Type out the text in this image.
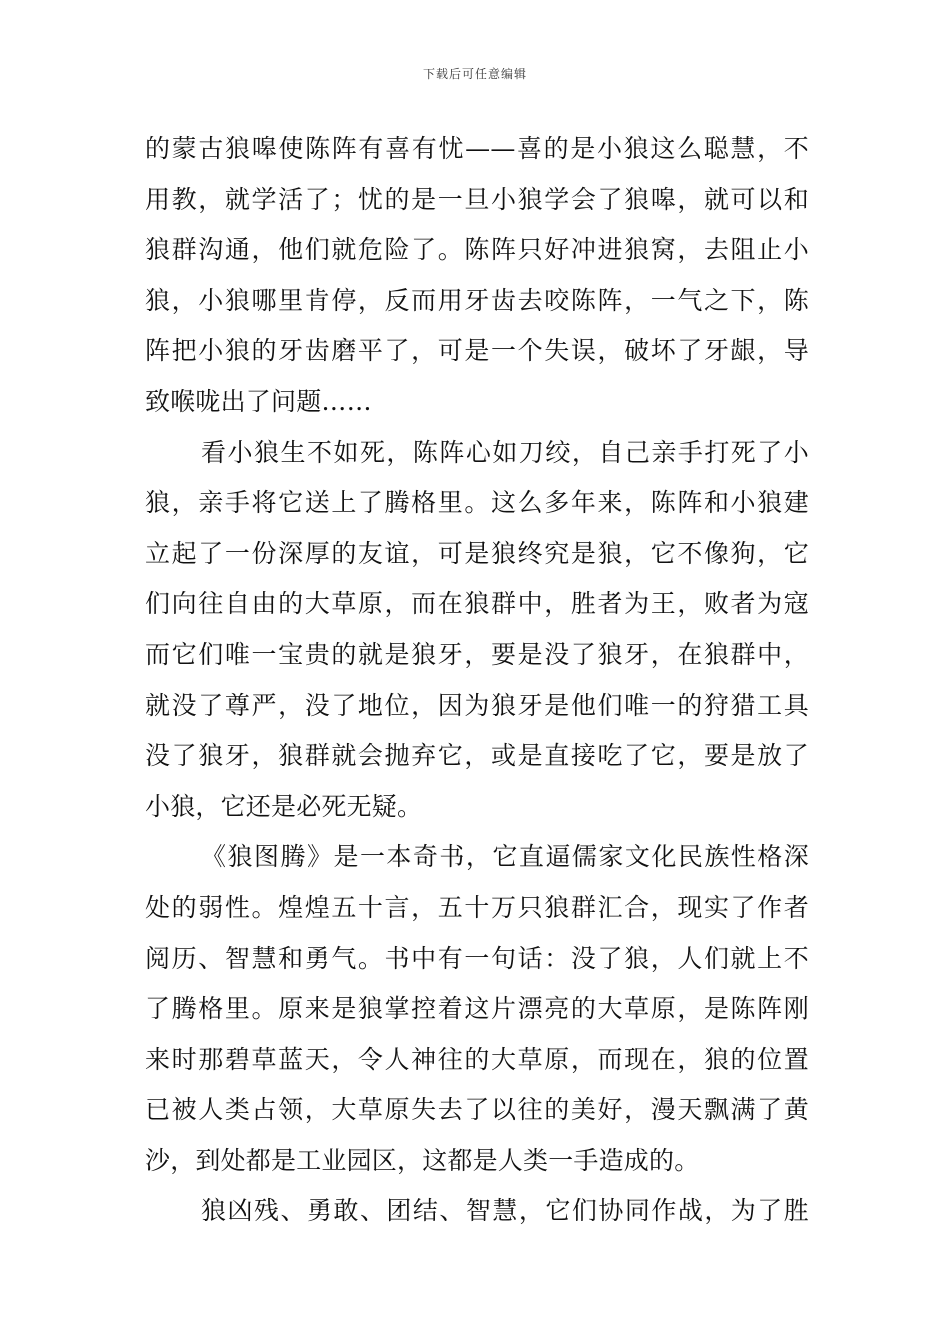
下载后可任意编辑
的蒙古狼嗥使陈阵有喜有忧——喜的是小狼这么聪慧，不
用教，就学活了；忧的是一旦小狼学会了狼嗥，就可以和
狼群沟通，他们就危险了。陈阵只好冲进狼窝，去阻止小
狼，小狼哪里肯停，反而用牙齿去咬陈阵，一气之下，陈
阵把小狼的牙齿磨平了，可是一个失误，破坏了牙龈，导
致喉咙出了问题……
看小狼生不如死，陈阵心如刀绞，自己亲手打死了小
狼，亲手将它送上了腾格里。这么多年来，陈阵和小狼建
立起了一份深厚的友谊，可是狼终究是狼，它不像狗，它
们向往自由的大草原，而在狼群中，胜者为王，败者为寇
而它们唯一宝贵的就是狼牙，要是没了狼牙，在狼群中，
就没了尊严，没了地位，因为狼牙是他们唯一的狩猎工具
没了狼牙，狼群就会抛弃它，或是直接吃了它，要是放了
小狼，它还是必死无疑。
《狼图腾》是一本奇书，它直逼儒家文化民族性格深
处的弱性。煌煌五十言，五十万只狼群汇合，现实了作者
阅历、智慧和勇气。书中有一句话：没了狼，人们就上不
了腾格里。原来是狼掌控着这片漂亮的大草原，是陈阵刚
来时那碧草蓝天，令人神往的大草原，而现在，狼的位置
已被人类占领，大草原失去了以往的美好，漫天飘满了黄
沙，到处都是工业园区，这都是人类一手造成的。
狼凶残、勇敢、团结、智慧，它们协同作战，为了胜
